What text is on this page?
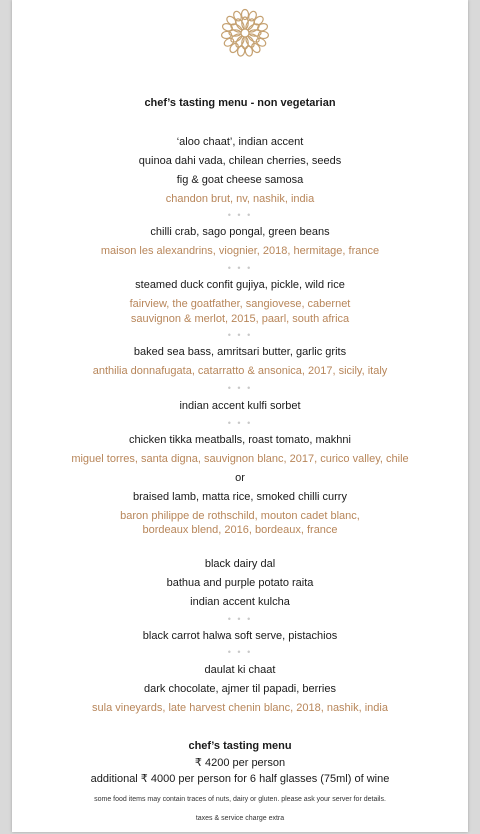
chef’s tasting menu - non vegetarian
‘aloo chaat’, indian accent
quinoa dahi vada, chilean cherries, seeds
fig & goat cheese samosa
chandon brut, nv, nashik, india
• • •
chilli crab, sago pongal, green beans
maison les alexandrins, viognier, 2018, hermitage, france
• • •
steamed duck confit gujiya, pickle, wild rice
fairview, the goatfather, sangiovese, cabernet
sauvignon & merlot, 2015, paarl, south africa
• • •
baked sea bass, amritsari butter, garlic grits
anthilia donnafugata, catarratto & ansonica, 2017, sicily, italy
• • •
indian accent kulfi sorbet
• • •
chicken tikka meatballs, roast tomato, makhni
miguel torres, santa digna, sauvignon blanc, 2017, curico valley, chile
or
braised lamb, matta rice, smoked chilli curry
baron philippe de rothschild, mouton cadet blanc,
bordeaux blend, 2016, bordeaux, france
black dairy dal
bathua and purple potato raita
indian accent kulcha
• • •
black carrot halwa soft serve, pistachios
• • •
daulat ki chaat
dark chocolate, ajmer til papadi, berries
sula vineyards, late harvest chenin blanc, 2018, nashik, india
chef’s tasting menu
₹ 4200 per person
additional ₹ 4000 per person for 6 half glasses (75ml) of wine
some food items may contain traces of nuts, dairy or gluten. please ask your server for details.
taxes & service charge extra
